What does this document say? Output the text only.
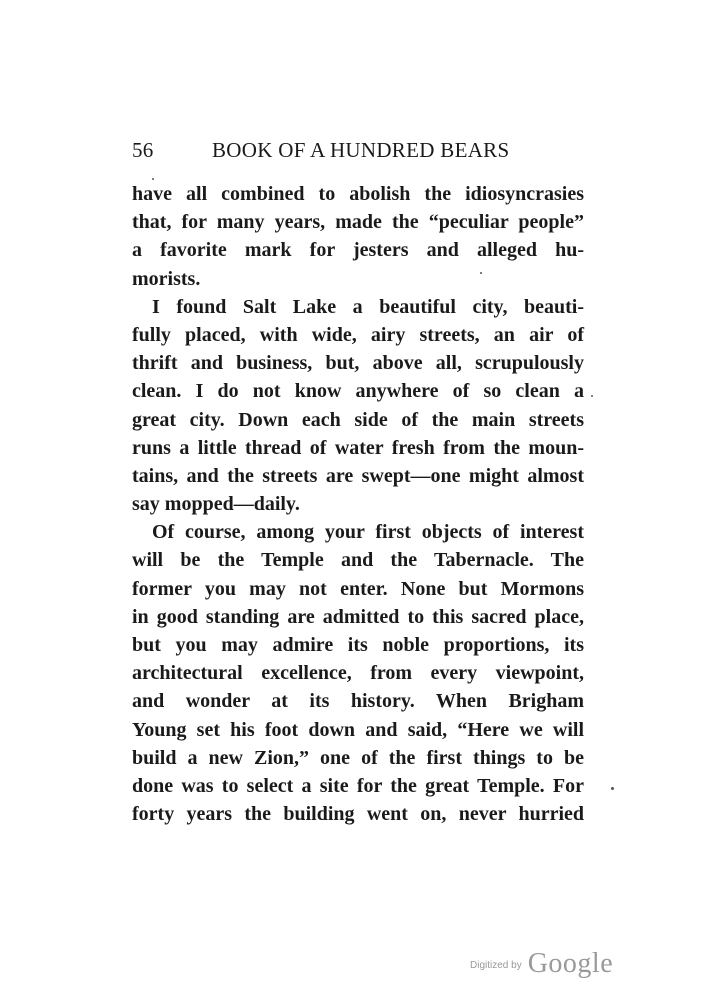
56	BOOK OF A HUNDRED BEARS
have all combined to abolish the idiosyncrasies
that, for many years, made the “peculiar people”
a favorite mark for jesters and alleged hu-
morists.
I found Salt Lake a beautiful city, beauti-
fully placed, with wide, airy streets, an air of
thrift and business, but, above all, scrupulously
clean. I do not know anywhere of so clean a
great city. Down each side of the main streets
runs a little thread of water fresh from the moun-
tains, and the streets are swept—one might almost
say mopped—daily.
Of course, among your first objects of interest
will be the Temple and the Tabernacle. The
former you may not enter. None but Mormons
in good standing are admitted to this sacred place,
but you may admire its noble proportions, its
architectural excellence, from every viewpoint,
and wonder at its history. When Brigham
Young set his foot down and said, “Here we will
build a new Zion,” one of the first things to be
done was to select a site for the great Temple. For
forty years the building went on, never hurried
$^{Digitized by}$ Google
